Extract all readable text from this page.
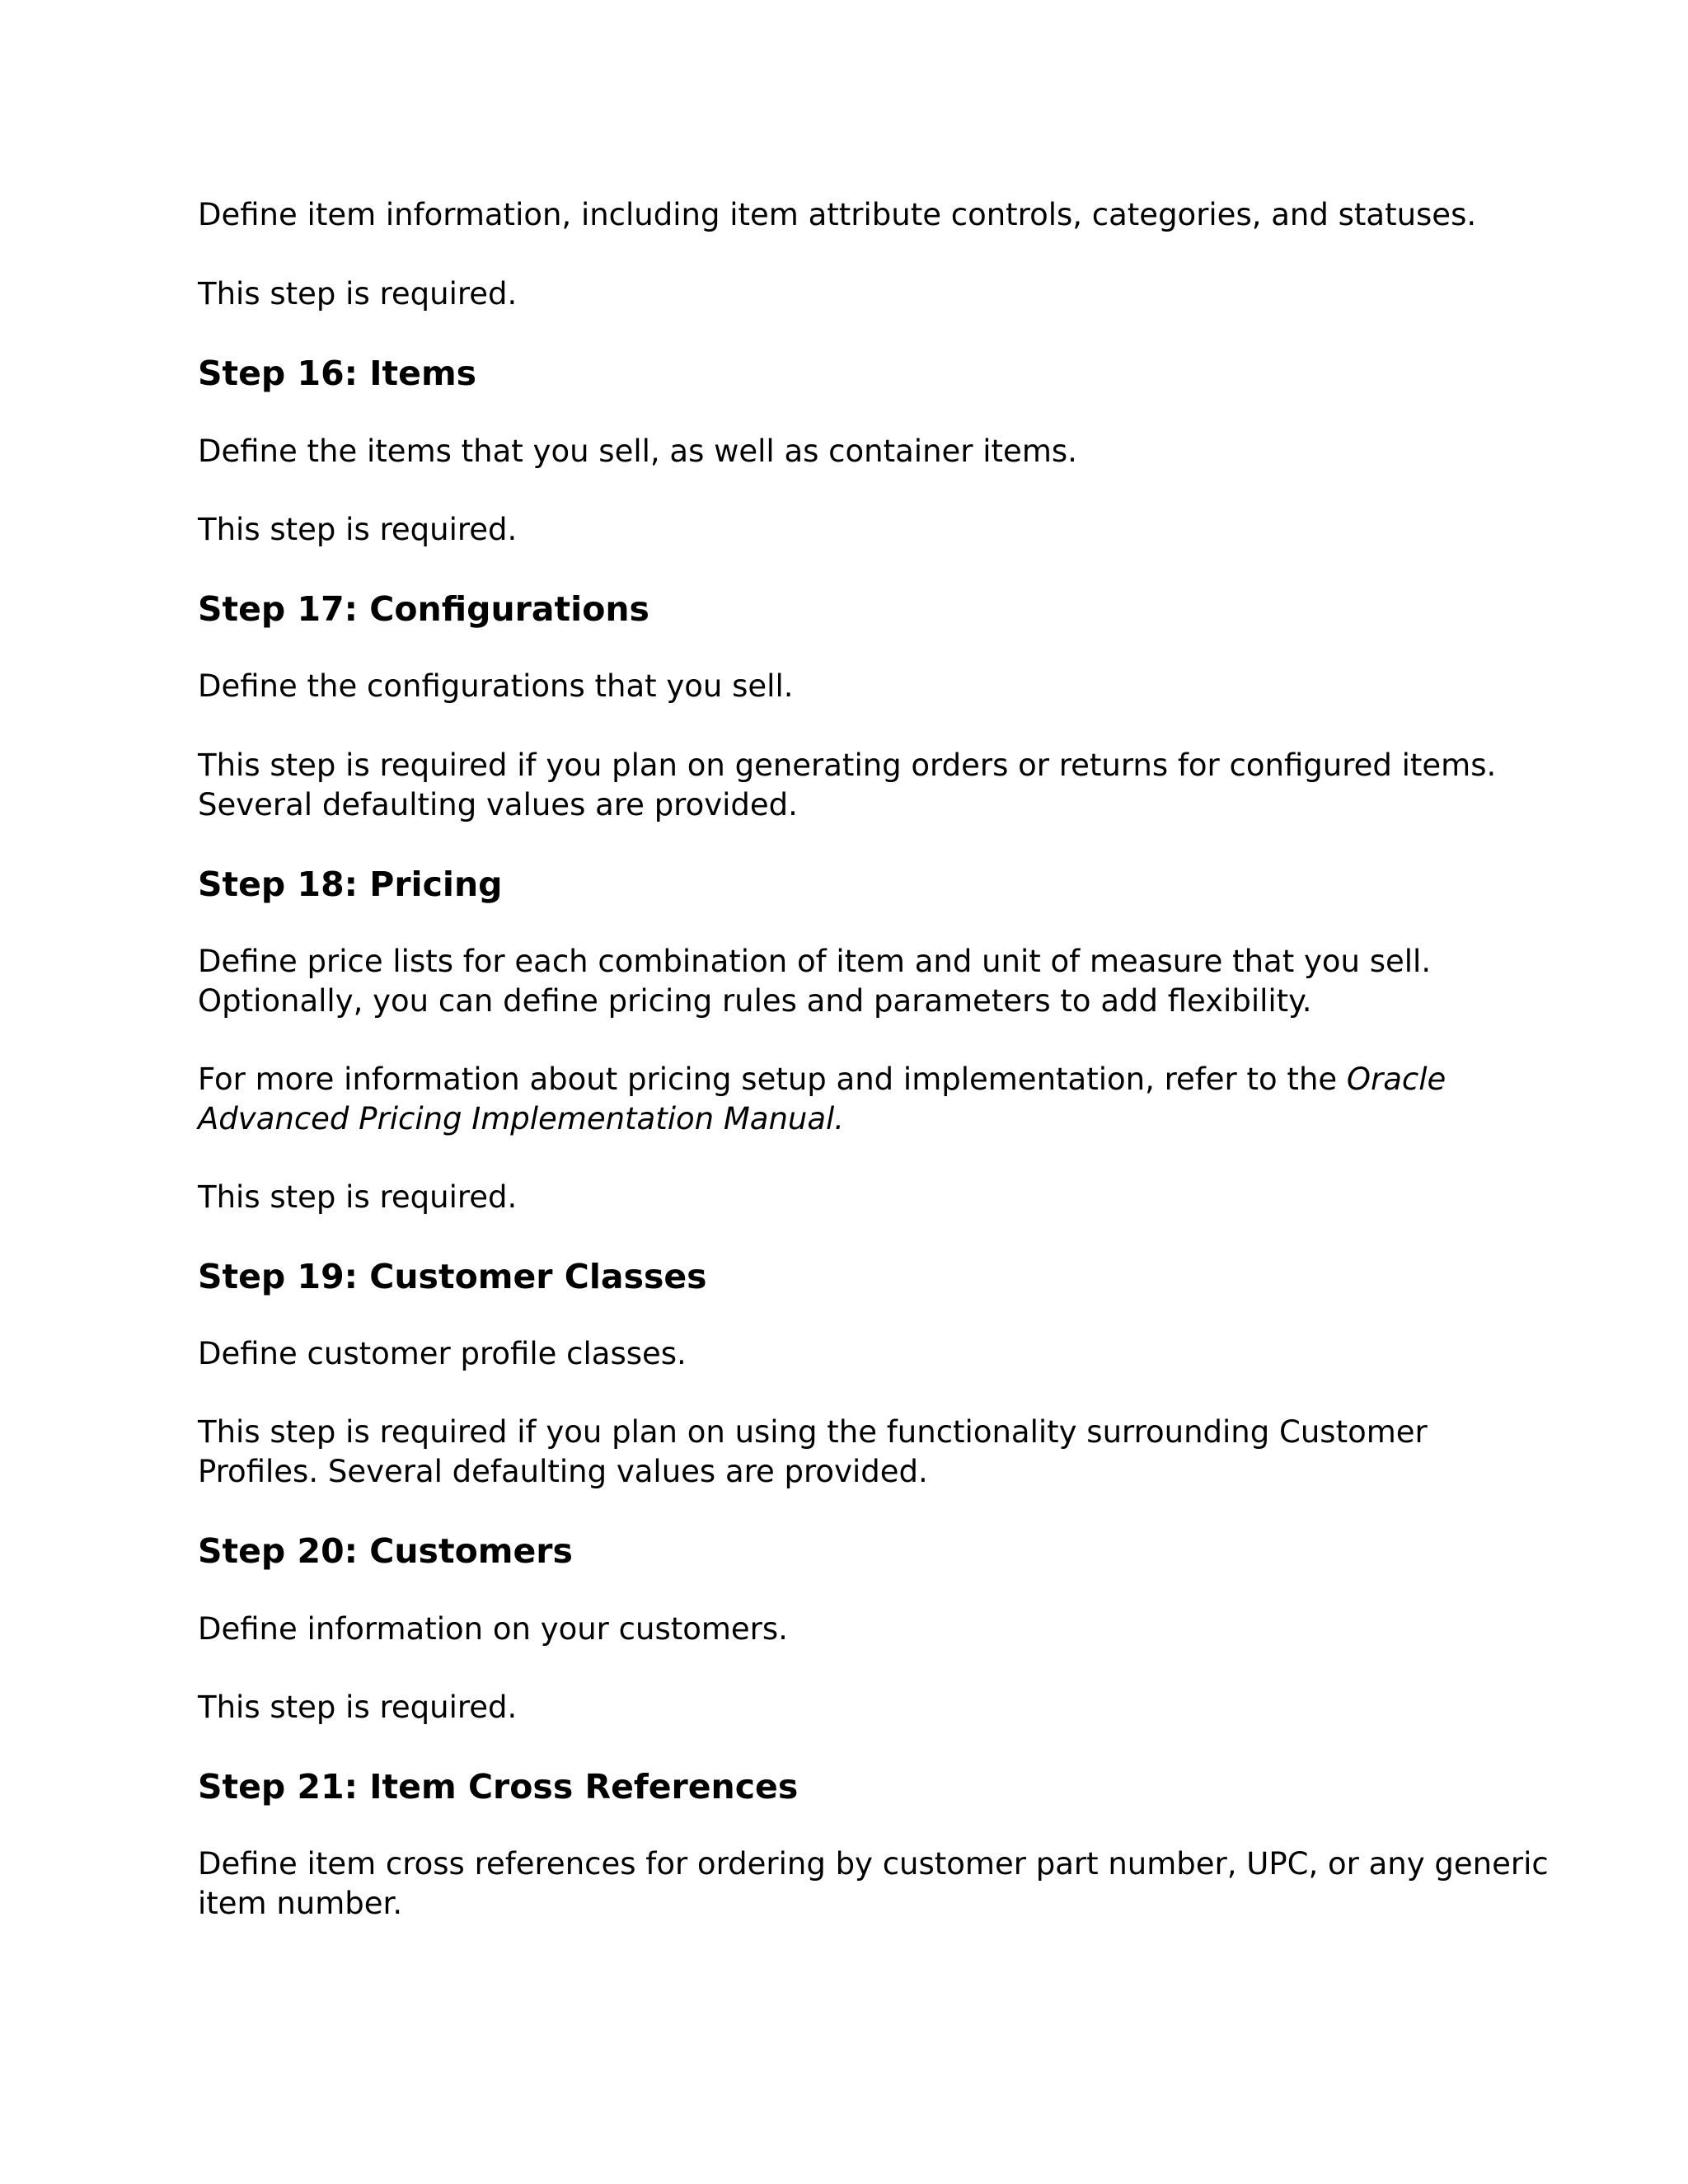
Define item information, including item attribute controls, categories, and statuses.

This step is required.

Step 16: Items

Define the items that you sell, as well as container items.

This step is required.

Step 17: Configurations

Define the configurations that you sell.

This step is required if you plan on generating orders or returns for configured items.
Several defaulting values are provided.

Step 18: Pricing

Define price lists for each combination of item and unit of measure that you sell.
Optionally, you can define pricing rules and parameters to add flexibility.

For more information about pricing setup and implementation, refer to the Oracle
Advanced Pricing Implementation Manual.

This step is required.

Step 19: Customer Classes

Define customer profile classes.

This step is required if you plan on using the functionality surrounding Customer
Profiles. Several defaulting values are provided.

Step 20: Customers

Define information on your customers.

This step is required.

Step 21: Item Cross References

Define item cross references for ordering by customer part number, UPC, or any generic
item number.
